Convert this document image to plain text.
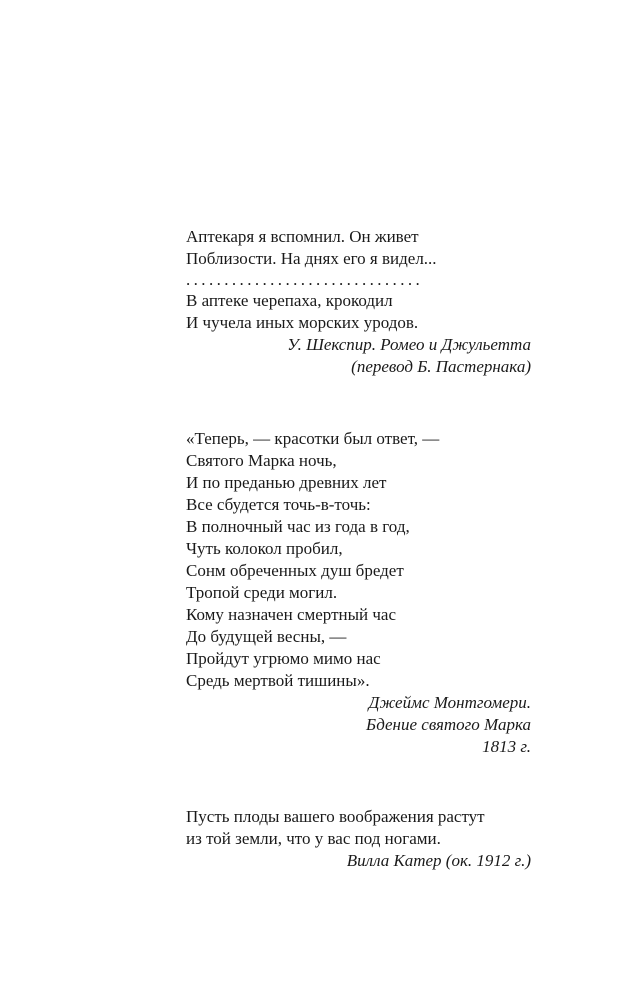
Аптекаря я вспомнил. Он живет
Поблизости. На днях его я видел...
...............................
В аптеке черепаха, крокодил
И чучела иных морских уродов.
У. Шекспир. Ромео и Джульетта
(перевод Б. Пастернака)
«Теперь, — красотки был ответ, —
Святого Марка ночь,
И по преданью древних лет
Все сбудется точь-в-точь:
В полночный час из года в год,
Чуть колокол пробил,
Сонм обреченных душ бредет
Тропой среди могил.
Кому назначен смертный час
До будущей весны, —
Пройдут угрюмо мимо нас
Средь мертвой тишины».
Джеймс Монтгомери.
Бдение святого Марка
1813 г.
Пусть плоды вашего воображения растут
из той земли, что у вас под ногами.
Вилла Катер (ок. 1912 г.)
